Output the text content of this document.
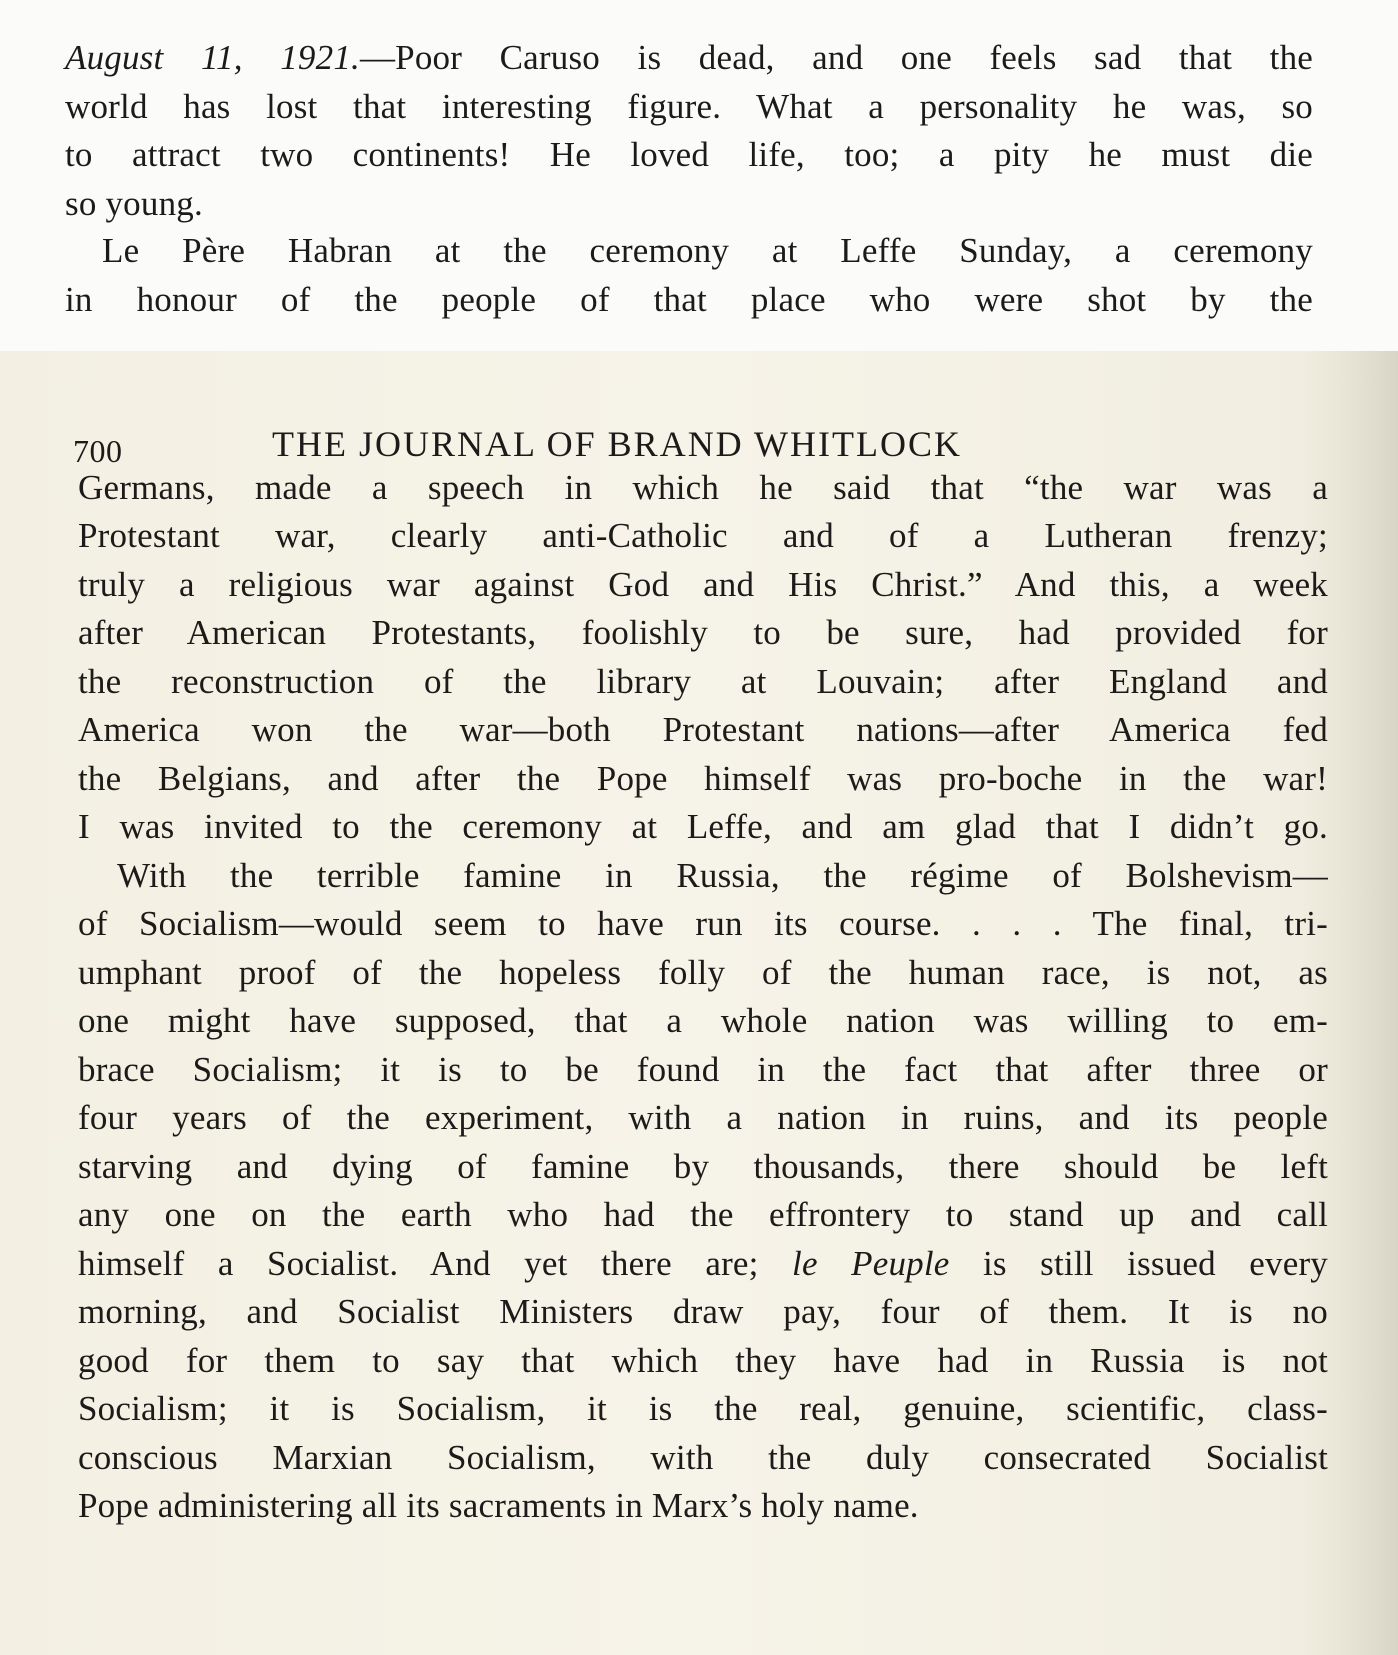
August 11, 1921.—Poor Caruso is dead, and one feels sad that the
world has lost that interesting figure. What a personality he was, so
to attract two continents! He loved life, too; a pity he must die
so young.
Le Père Habran at the ceremony at Leffe Sunday, a ceremony
in honour of the people of that place who were shot by the
700	THE JOURNAL OF BRAND WHITLOCK
Germans, made a speech in which he said that “the war was a
Protestant war, clearly anti-Catholic and of a Lutheran frenzy;
truly a religious war against God and His Christ.” And this, a week
after American Protestants, foolishly to be sure, had provided for
the reconstruction of the library at Louvain; after England and
America won the war—both Protestant nations—after America fed
the Belgians, and after the Pope himself was pro-boche in the war!
I was invited to the ceremony at Leffe, and am glad that I didn’t go.
With the terrible famine in Russia, the régime of Bolshevism—
of Socialism—would seem to have run its course. . . . The final, tri-
umphant proof of the hopeless folly of the human race, is not, as
one might have supposed, that a whole nation was willing to em-
brace Socialism; it is to be found in the fact that after three or
four years of the experiment, with a nation in ruins, and its people
starving and dying of famine by thousands, there should be left
any one on the earth who had the effrontery to stand up and call
himself a Socialist. And yet there are; le Peuple is still issued every
morning, and Socialist Ministers draw pay, four of them. It is no
good for them to say that which they have had in Russia is not
Socialism; it is Socialism, it is the real, genuine, scientific, class-
conscious Marxian Socialism, with the duly consecrated Socialist
Pope administering all its sacraments in Marx’s holy name.
